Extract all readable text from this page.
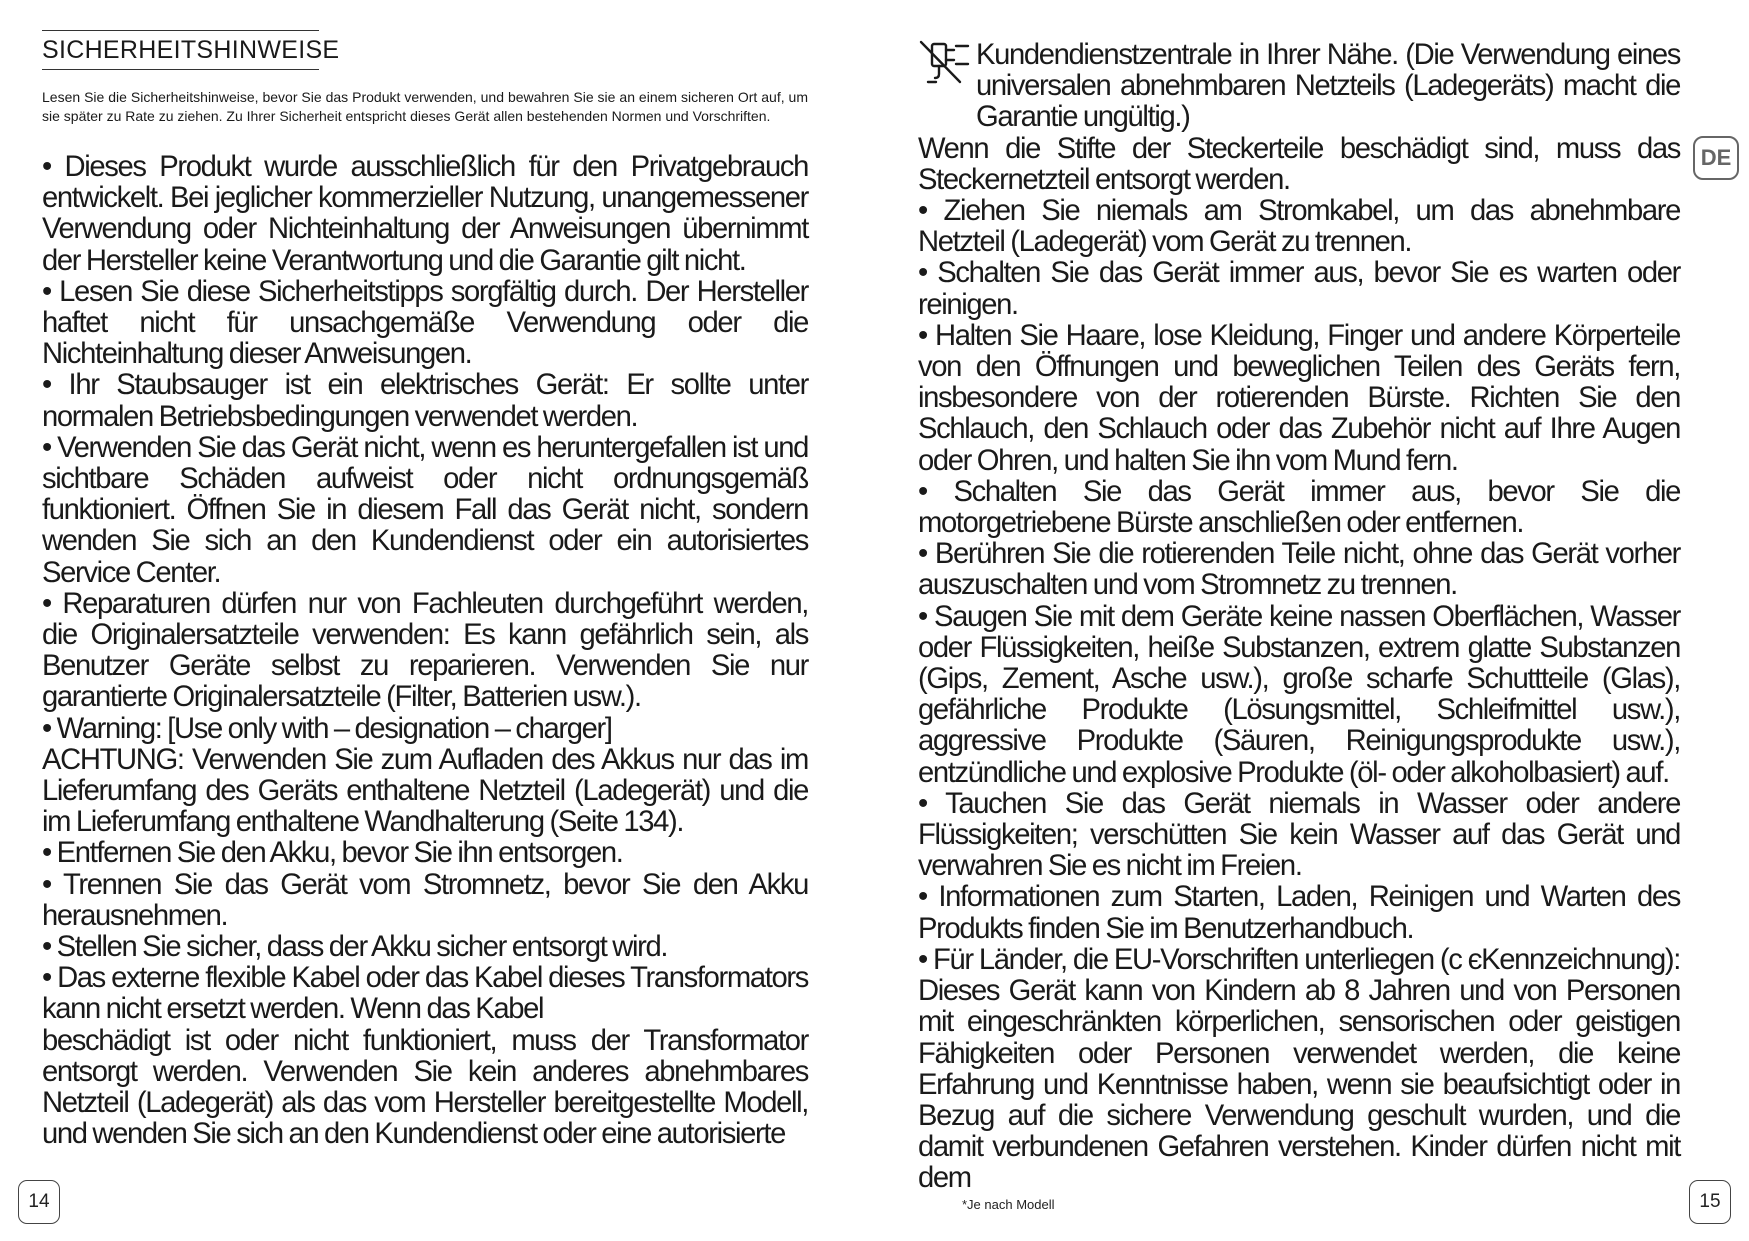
SICHERHEITSHINWEISE
Lesen Sie die Sicherheitshinweise, bevor Sie das Produkt verwenden, und bewahren Sie sie an einem sicheren Ort auf, um sie später zu Rate zu ziehen. Zu Ihrer Sicherheit entspricht dieses Gerät allen bestehenden Normen und Vorschriften.

• Dieses Produkt wurde ausschließlich für den Privatgebrauch entwickelt. Bei jeglicher kommerzieller Nutzung, unangemessener Verwendung oder Nichteinhaltung der Anweisungen übernimmt der Hersteller keine Verantwortung und die Garantie gilt nicht.

• Lesen Sie diese Sicherheitstipps sorgfältig durch. Der Hersteller haftet nicht für unsachgemäße Verwendung oder die Nichteinhaltung dieser Anweisungen.

• Ihr Staubsauger ist ein elektrisches Gerät: Er sollte unter normalen Betriebsbedingungen verwendet werden.

• Verwenden Sie das Gerät nicht, wenn es heruntergefallen ist und sichtbare Schäden aufweist oder nicht ordnungsgemäß funktioniert. Öffnen Sie in diesem Fall das Gerät nicht, sondern wenden Sie sich an den Kundendienst oder ein autorisiertes Service Center.

• Reparaturen dürfen nur von Fachleuten durchgeführt werden, die Originalersatzteile verwenden: Es kann gefährlich sein, als Benutzer Geräte selbst zu reparieren. Verwenden Sie nur garantierte Originalersatzteile (Filter, Batterien usw.).

• Warning: [Use only with – designation – charger]

ACHTUNG: Verwenden Sie zum Aufladen des Akkus nur das im Lieferumfang des Geräts enthaltene Netzteil (Ladegerät) und die im Lieferumfang enthaltene Wandhalterung (Seite 134).

• Entfernen Sie den Akku, bevor Sie ihn entsorgen.

• Trennen Sie das Gerät vom Stromnetz, bevor Sie den Akku herausnehmen.

• Stellen Sie sicher, dass der Akku sicher entsorgt wird.

• Das externe flexible Kabel oder das Kabel dieses Transformators kann nicht ersetzt werden. Wenn das Kabel

beschädigt ist oder nicht funktioniert, muss der Transformator entsorgt werden. Verwenden Sie kein anderes abnehmbares Netzteil (Ladegerät) als das vom Hersteller bereitgestellte Modell, und wenden Sie sich an den Kundendienst oder eine autorisierte

14
Kundendienstzentrale in Ihrer Nähe. (Die Verwendung eines universalen abnehmbaren Netzteils (Ladegeräts) macht die Garantie ungültig.)

Wenn die Stifte der Steckerteile beschädigt sind, muss das Steckernetzteil entsorgt werden.

• Ziehen Sie niemals am Stromkabel, um das abnehmbare Netzteil (Ladegerät) vom Gerät zu trennen.

• Schalten Sie das Gerät immer aus, bevor Sie es warten oder reinigen.

• Halten Sie Haare, lose Kleidung, Finger und andere Körperteile von den Öffnungen und beweglichen Teilen des Geräts fern, insbesondere von der rotierenden Bürste. Richten Sie den Schlauch, den Schlauch oder das Zubehör nicht auf Ihre Augen oder Ohren, und halten Sie ihn vom Mund fern.

• Schalten Sie das Gerät immer aus, bevor Sie die motorgetriebene Bürste anschließen oder entfernen.

• Berühren Sie die rotierenden Teile nicht, ohne das Gerät vorher auszuschalten und vom Stromnetz zu trennen.

• Saugen Sie mit dem Geräte keine nassen Oberflächen, Wasser oder Flüssigkeiten, heiße Substanzen, extrem glatte Substanzen (Gips, Zement, Asche usw.), große scharfe Schuttteile (Glas), gefährliche Produkte (Lösungsmittel, Schleifmittel usw.), aggressive Produkte (Säuren, Reinigungsprodukte usw.), entzündliche und explosive Produkte (öl- oder alkoholbasiert) auf.

• Tauchen Sie das Gerät niemals in Wasser oder andere Flüssigkeiten; verschütten Sie kein Wasser auf das Gerät und verwahren Sie es nicht im Freien.

• Informationen zum Starten, Laden, Reinigen und Warten des Produkts finden Sie im Benutzerhandbuch.

• Für Länder, die EU-Vorschriften unterliegen (c єKennzeichnung): Dieses Gerät kann von Kindern ab 8 Jahren und von Personen mit eingeschränkten körperlichen, sensorischen oder geistigen Fähigkeiten oder Personen verwendet werden, die keine Erfahrung und Kenntnisse haben, wenn sie beaufsichtigt oder in Bezug auf die sichere Verwendung geschult wurden, und die damit verbundenen Gefahren verstehen. Kinder dürfen nicht mit dem

DE
*Je nach Modell	15
